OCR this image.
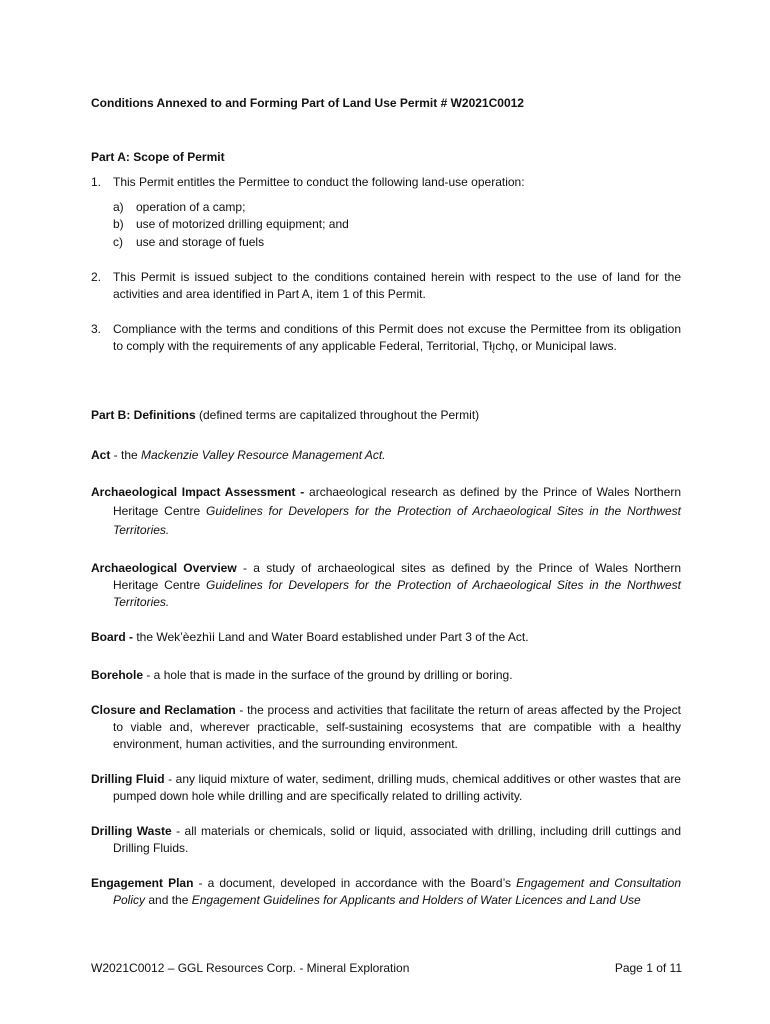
Conditions Annexed to and Forming Part of Land Use Permit # W2021C0012
Part A: Scope of Permit
1. This Permit entitles the Permittee to conduct the following land-use operation:
a) operation of a camp;
b) use of motorized drilling equipment; and
c) use and storage of fuels
2. This Permit is issued subject to the conditions contained herein with respect to the use of land for the activities and area identified in Part A, item 1 of this Permit.
3. Compliance with the terms and conditions of this Permit does not excuse the Permittee from its obligation to comply with the requirements of any applicable Federal, Territorial, Tłı̨chǫ, or Municipal laws.
Part B: Definitions (defined terms are capitalized throughout the Permit)
Act - the Mackenzie Valley Resource Management Act.
Archaeological Impact Assessment - archaeological research as defined by the Prince of Wales Northern Heritage Centre Guidelines for Developers for the Protection of Archaeological Sites in the Northwest Territories.
Archaeological Overview - a study of archaeological sites as defined by the Prince of Wales Northern Heritage Centre Guidelines for Developers for the Protection of Archaeological Sites in the Northwest Territories.
Board - the Wek’èezhìi Land and Water Board established under Part 3 of the Act.
Borehole - a hole that is made in the surface of the ground by drilling or boring.
Closure and Reclamation - the process and activities that facilitate the return of areas affected by the Project to viable and, wherever practicable, self-sustaining ecosystems that are compatible with a healthy environment, human activities, and the surrounding environment.
Drilling Fluid - any liquid mixture of water, sediment, drilling muds, chemical additives or other wastes that are pumped down hole while drilling and are specifically related to drilling activity.
Drilling Waste - all materials or chemicals, solid or liquid, associated with drilling, including drill cuttings and Drilling Fluids.
Engagement Plan - a document, developed in accordance with the Board’s Engagement and Consultation Policy and the Engagement Guidelines for Applicants and Holders of Water Licences and Land Use
W2021C0012 – GGL Resources Corp. - Mineral Exploration	Page 1 of 11
